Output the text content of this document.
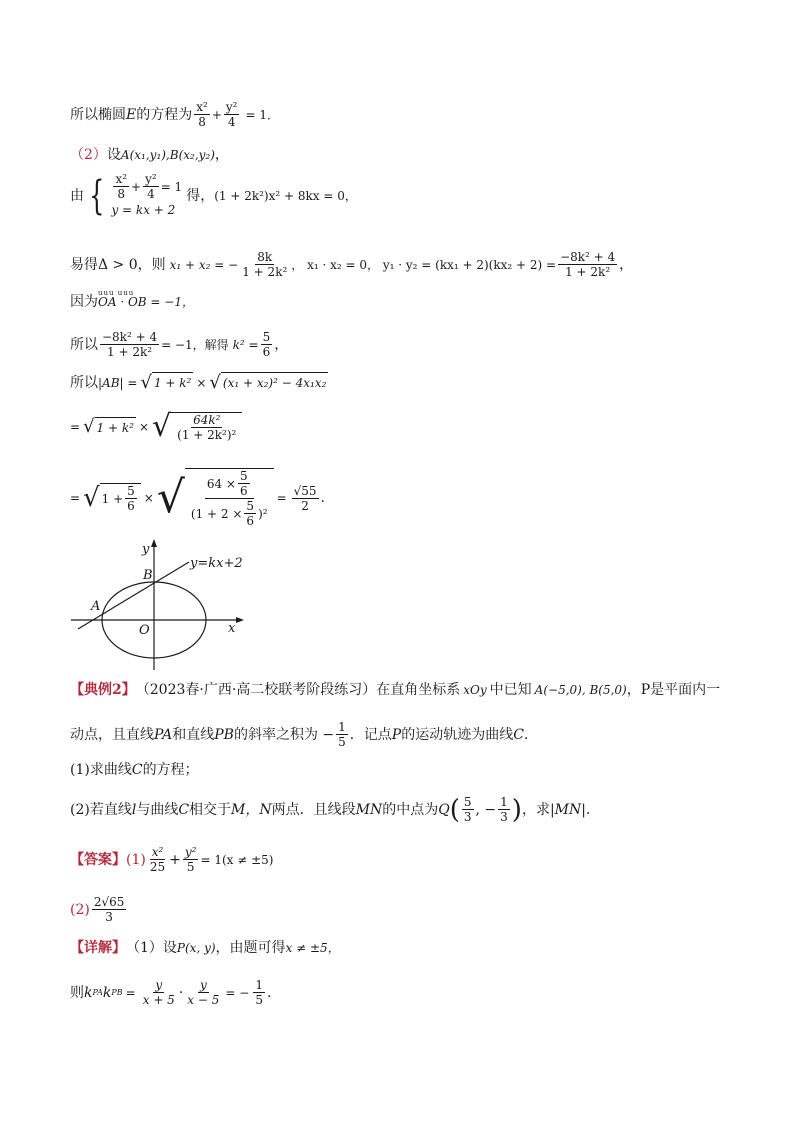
所以椭圆 E 的方程为 $\frac{\text{x²}}{8} + \frac{\text{y²}}{4} = 1$．
（2） 设 A(x₁,y₁),B(x₂,y₂) ，
由 { $\frac{\text{x²}}{8} + \frac{\text{y²}}{4} = 1$
y = kx + 2
得， (1 + 2k²)x² + 8kx = 0，
易得Δ > 0，则 x₁ + x₂ = − $\frac{8k}{\text{1 + 2k²}}$ ， x₁ · x₂ = 0， $y_1 \cdot y_2 = (kx_1 + 2)(kx_2 + 2) = \frac{\text{−8k² + 4}}{\text{1 + 2k²}}$ ，
因为
uuu uuu
OA · OB = −1，
所以 $\frac{\text{−8k² + 4}}{\text{1 + 2k²}} = -1$，解得 $k^2 = \frac{5}{6}$ ，
所以 |AB| = √ 1 + k² × √ (x₁ + x₂)² − 4x₁x₂
= √ 1 + k² × √ $\frac{\text{64k²}}{\text{(1 + 2k²)²}}$
= √ $1 + \frac{5}{6}$ × √ $\frac{64 \times \frac{5}{6}}{(1 + 2 \times \frac{5}{6} )^2} = \frac{√55}{2}$ .
y
x
O
A
B
y=kx+2
【典例2】 （2023春·广西·高二校联考阶段练习） 在直角坐标系 xOy 中已知 A(−5,0), B(5,0) ，P是平面内一
动点，且直线 PA 和直线 PB 的斜率之积为 − $\frac{1}{5}$ ．记点 P 的运动轨迹为曲线 C ．
(1)求曲线 C 的方程；
(2)若直线 l 与曲线 C 相交于 M，N 两点．且线段 MN 的中点为 Q ( $\frac{5}{3}$ , − $\frac{1}{3}$ ) ，求| MN |．
【答案】 $(1) \frac{\text{x²}}{25} + \frac{\text{y²}}{5} = 1(x \ne \pm 5)$
$(2) \frac{2√65}{3}$
【详解】 （1）设 P(x, y) ，由题可得 x ≠ ±5，
则 k PA k PB = $\frac{y}{x + 5} \cdot \frac{y}{x - 5}$ = − $\frac{1}{5}$ .
